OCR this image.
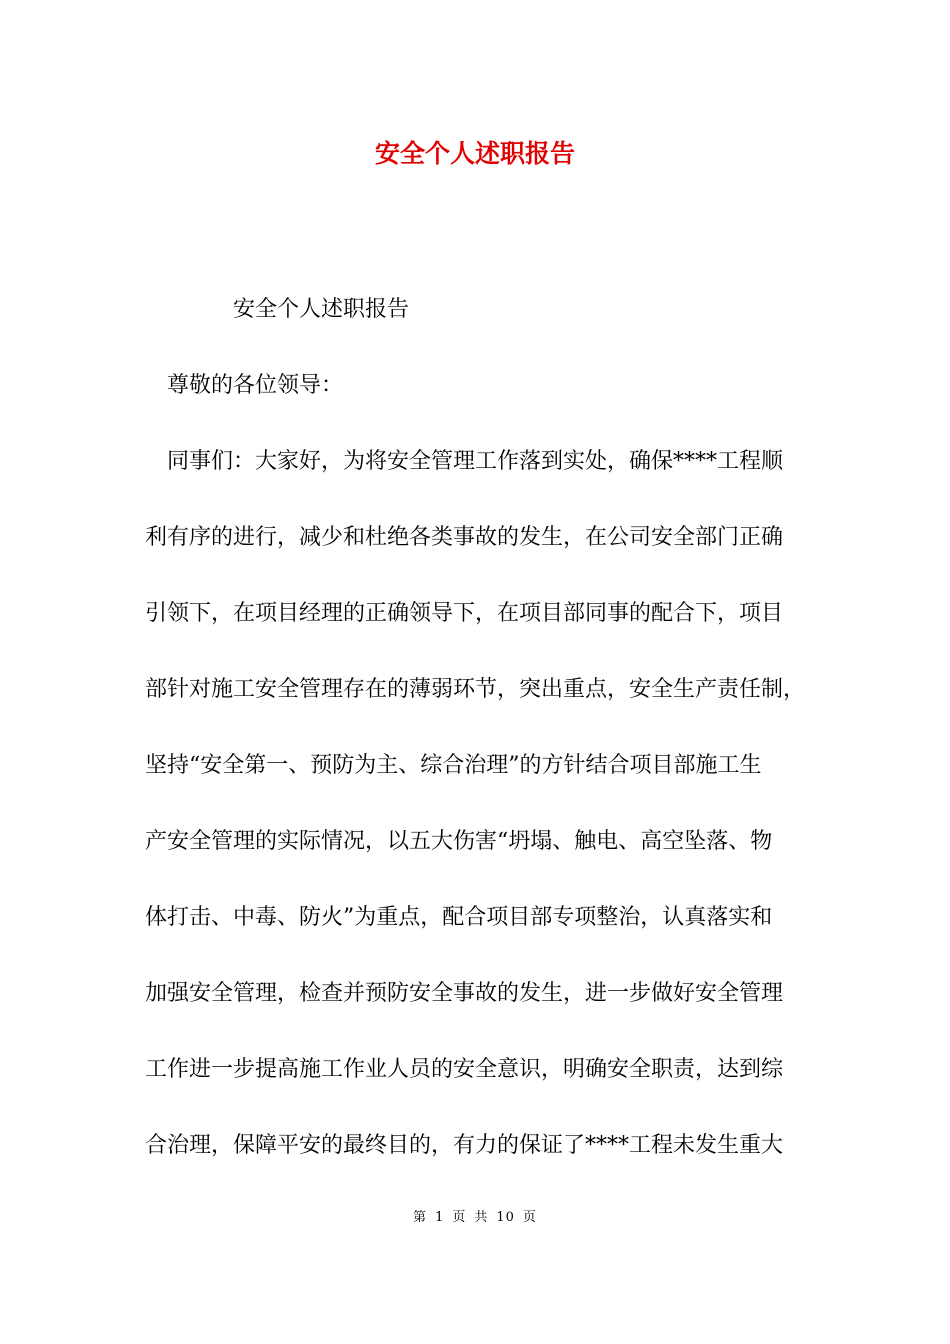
安全个人述职报告
安全个人述职报告
尊敬的各位领导：
同事们：大家好，为将安全管理工作落到实处，确保****工程顺
利有序的进行，减少和杜绝各类事故的发生，在公司安全部门正确
引领下，在项目经理的正确领导下，在项目部同事的配合下，项目
部针对施工安全管理存在的薄弱环节，突出重点，安全生产责任制，
坚持“安全第一、预防为主、综合治理”的方针结合项目部施工生
产安全管理的实际情况，以五大伤害“坍塌、触电、高空坠落、物
体打击、中毒、防火”为重点，配合项目部专项整治，认真落实和
加强安全管理，检查并预防安全事故的发生，进一步做好安全管理
工作进一步提高施工作业人员的安全意识，明确安全职责，达到综
合治理，保障平安的最终目的，有力的保证了****工程未发生重大
第 1 页 共 10 页
